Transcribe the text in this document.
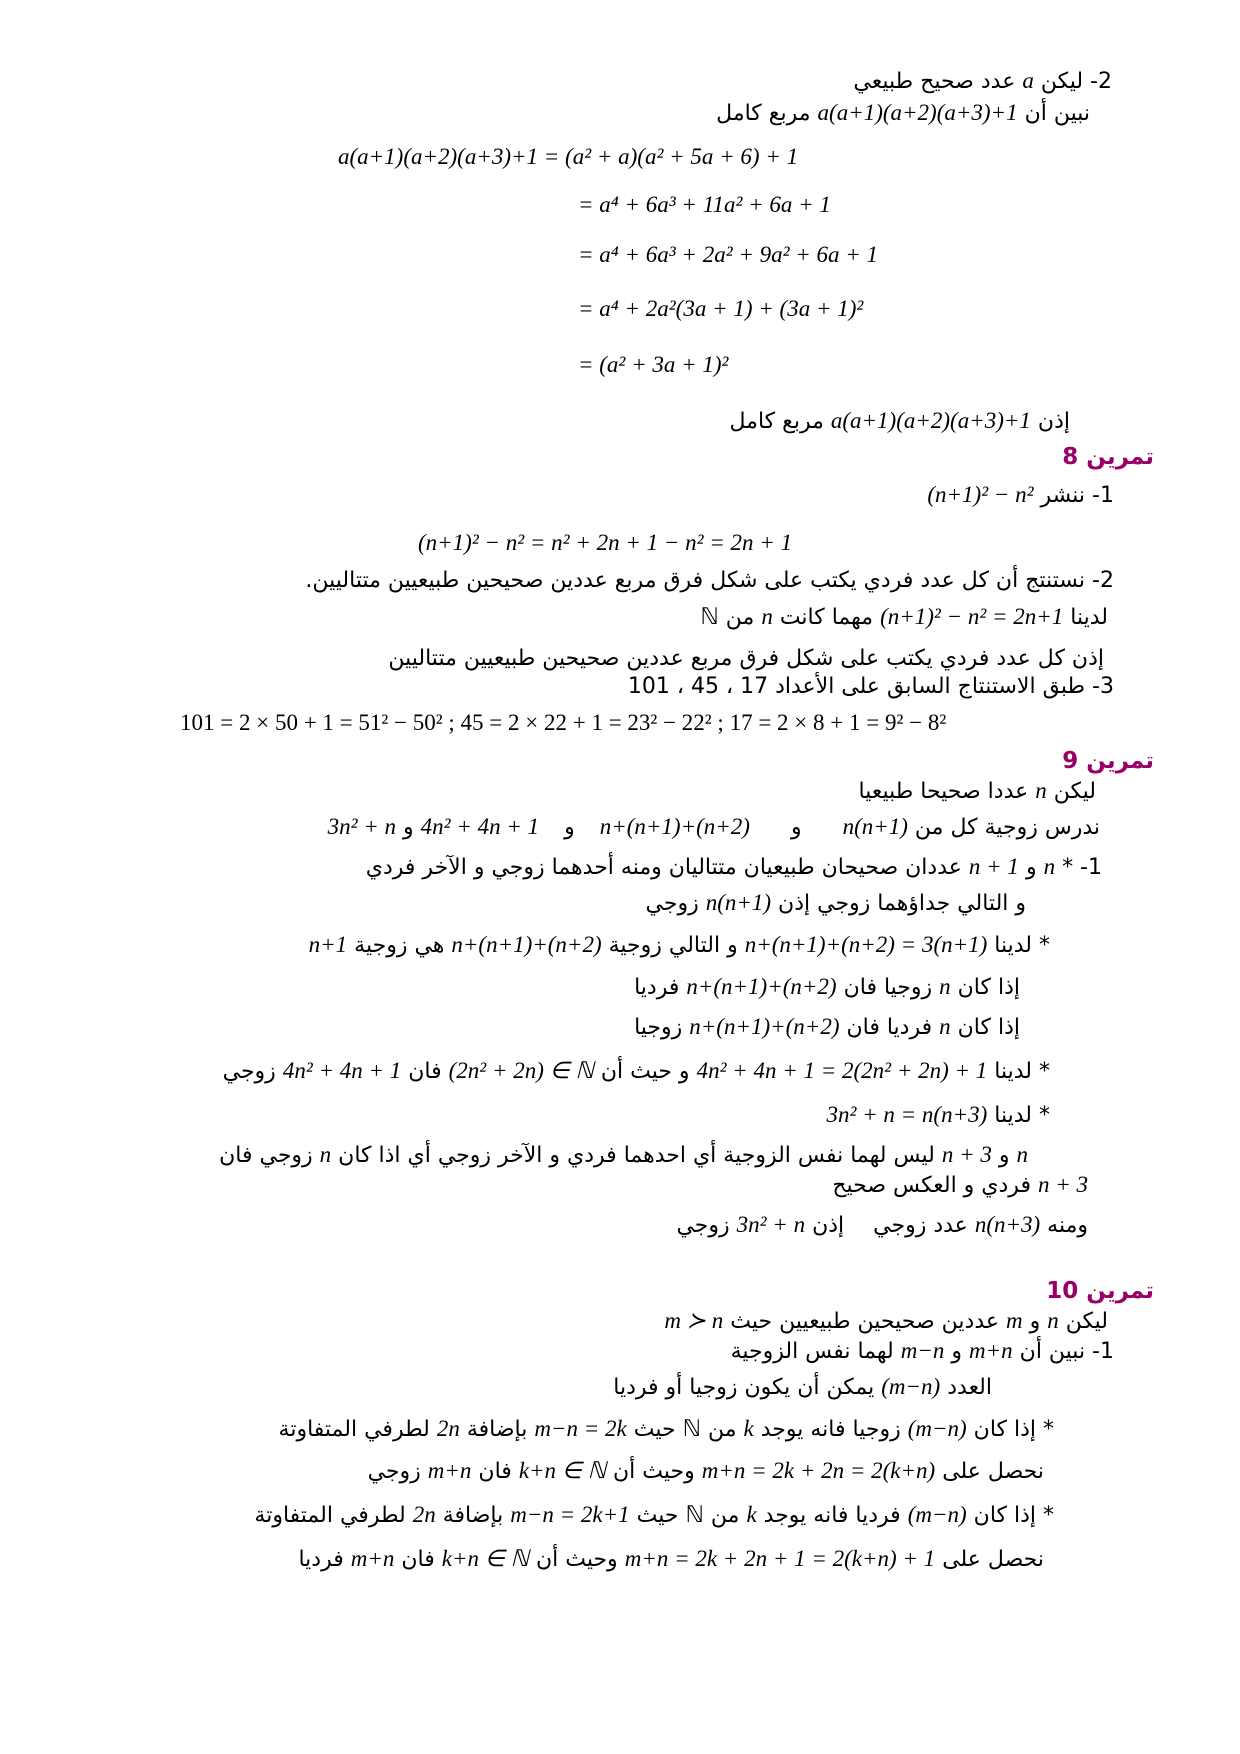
2- ليكن a عدد صحيح طبيعي
نبين أن a(a+1)(a+2)(a+3)+1 مربع كامل
a(a+1)(a+2)(a+3)+1 = (a² + a)(a² + 5a + 6) + 1
= a⁴ + 6a³ + 11a² + 6a + 1
= a⁴ + 6a³ + 2a² + 9a² + 6a + 1
= a⁴ + 2a²(3a + 1) + (3a + 1)²
= (a² + 3a + 1)²
إذن a(a+1)(a+2)(a+3)+1 مربع كامل
تمرين 8
1- ننشر (n+1)² − n²
(n+1)² − n² = n² + 2n + 1 − n² = 2n + 1
2- نستنتج أن كل عدد فردي يكتب على شكل فرق مربع عددين صحيحين طبيعيين متتاليين.
لدينا (n+1)² − n² = 2n+1 مهما كانت n من ℕ
إذن كل عدد فردي يكتب على شكل فرق مربع عددين صحيحين طبيعيين متتاليين
3- طبق الاستنتاج السابق على الأعداد 17 ، 45 ، 101
101 = 2 × 50 + 1 = 51² − 50² ; 45 = 2 × 22 + 1 = 23² − 22² ; 17 = 2 × 8 + 1 = 9² − 8²
تمرين 9
ليكن n عددا صحيحا طبيعيا
ندرس زوجية كل من n(n+1) و n+(n+1)+(n+2) و 4n² + 4n + 1 و 3n² + n
1- * n و n + 1 عددان صحيحان طبيعيان متتاليان ومنه أحدهما زوجي و الآخر فردي
و التالي جداؤهما زوجي إذن n(n+1) زوجي
* لدينا n+(n+1)+(n+2) = 3(n+1) و التالي زوجية n+(n+1)+(n+2) هي زوجية n+1
إذا كان n زوجيا فان n+(n+1)+(n+2) فرديا
إذا كان n فرديا فان n+(n+1)+(n+2) زوجيا
* لدينا 4n² + 4n + 1 = 2(2n² + 2n) + 1 و حيث أن (2n² + 2n) ∈ ℕ فان 4n² + 4n + 1 زوجي
* لدينا 3n² + n = n(n+3)
n و n + 3 ليس لهما نفس الزوجية أي احدهما فردي و الآخر زوجي أي اذا كان n زوجي فان
n + 3 فردي و العكس صحيح
ومنه n(n+3) عدد زوجي إذن 3n² + n زوجي
تمرين 10
ليكن n و m عددين صحيحين طبيعيين حيث m ≻ n
1- نبين أن m+n و m−n لهما نفس الزوجية
العدد (m−n) يمكن أن يكون زوجيا أو فرديا
* إذا كان (m−n) زوجيا فانه يوجد k من ℕ حيث m−n = 2k بإضافة 2n لطرفي المتفاوتة
نحصل على m+n = 2k + 2n = 2(k+n) وحيث أن k+n ∈ ℕ فان m+n زوجي
* إذا كان (m−n) فرديا فانه يوجد k من ℕ حيث m−n = 2k+1 بإضافة 2n لطرفي المتفاوتة
نحصل على m+n = 2k + 2n + 1 = 2(k+n) + 1 وحيث أن k+n ∈ ℕ فان m+n فرديا
